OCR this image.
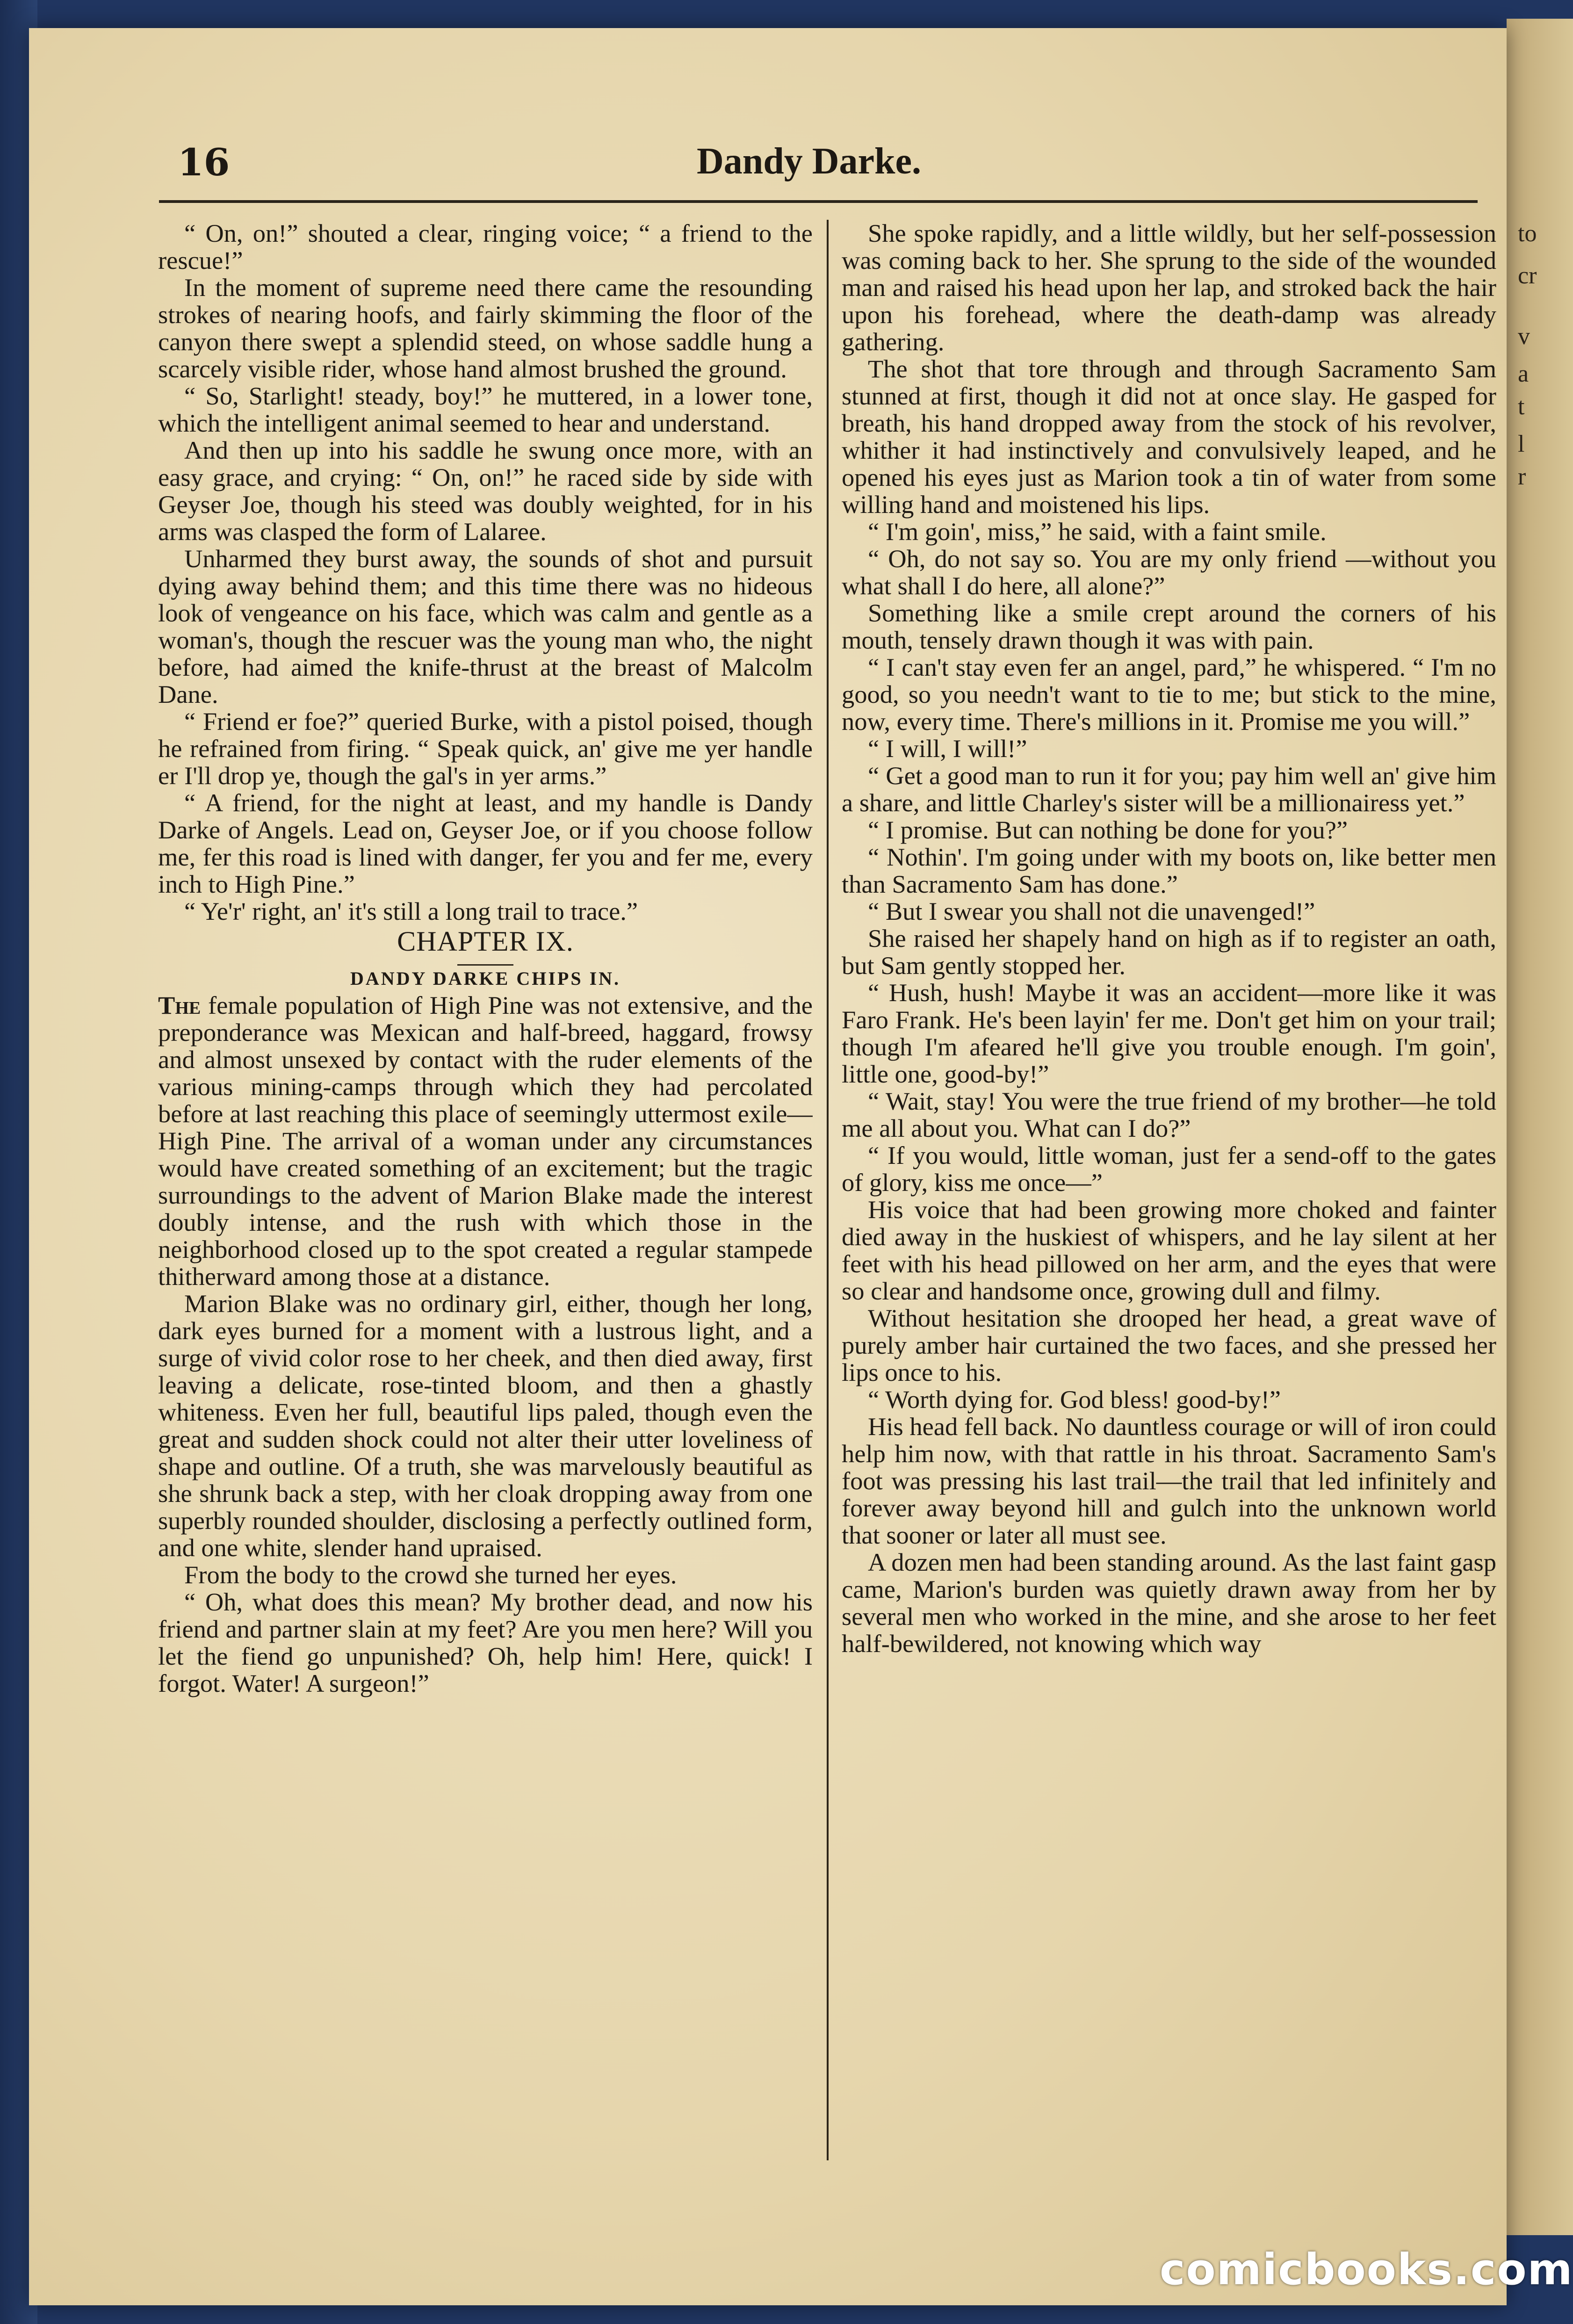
to
cr
v
a
t
l
r
16	Dandy Darke.

“ On, on!” shouted a clear, ringing voice; “ a friend to the rescue!”

In the moment of supreme need there came the resounding strokes of nearing hoofs, and fairly skimming the floor of the canyon there swept a splendid steed, on whose saddle hung a scarcely visible rider, whose hand almost brushed the ground.

“ So, Starlight! steady, boy!” he muttered, in a lower tone, which the intelligent animal seemed to hear and understand.

And then up into his saddle he swung once more, with an easy grace, and crying: “ On, on!” he raced side by side with Geyser Joe, though his steed was doubly weighted, for in his arms was clasped the form of Lalaree.

Unharmed they burst away, the sounds of shot and pursuit dying away behind them; and this time there was no hideous look of vengeance on his face, which was calm and gentle as a woman's, though the rescuer was the young man who, the night before, had aimed the knife-thrust at the breast of Malcolm Dane.

“ Friend er foe?” queried Burke, with a pistol poised, though he refrained from firing. “ Speak quick, an' give me yer handle er I'll drop ye, though the gal's in yer arms.”

“ A friend, for the night at least, and my handle is Dandy Darke of Angels. Lead on, Geyser Joe, or if you choose follow me, fer this road is lined with danger, fer you and fer me, every inch to High Pine.”

“ Ye'r' right, an' it's still a long trail to trace.”

CHAPTER IX.

DANDY DARKE CHIPS IN.

The female population of High Pine was not extensive, and the preponderance was Mexican and half-breed, haggard, frowsy and almost unsexed by contact with the ruder elements of the various mining-camps through which they had percolated before at last reaching this place of seemingly uttermost exile—High Pine. The arrival of a woman under any circumstances would have created something of an excitement; but the tragic surroundings to the advent of Marion Blake made the interest doubly intense, and the rush with which those in the neighborhood closed up to the spot created a regular stampede thitherward among those at a distance.

Marion Blake was no ordinary girl, either, though her long, dark eyes burned for a moment with a lustrous light, and a surge of vivid color rose to her cheek, and then died away, first leaving a delicate, rose-tinted bloom, and then a ghastly whiteness. Even her full, beautiful lips paled, though even the great and sudden shock could not alter their utter loveliness of shape and outline. Of a truth, she was marvelously beautiful as she shrunk back a step, with her cloak dropping away from one superbly rounded shoulder, disclosing a perfectly outlined form, and one white, slender hand upraised.

From the body to the crowd she turned her eyes.

“ Oh, what does this mean? My brother dead, and now his friend and partner slain at my feet? Are you men here? Will you let the fiend go unpunished? Oh, help him! Here, quick! I forgot. Water! A surgeon!”

She spoke rapidly, and a little wildly, but her self-possession was coming back to her. She sprung to the side of the wounded man and raised his head upon her lap, and stroked back the hair upon his forehead, where the death-damp was already gathering.

The shot that tore through and through Sacramento Sam stunned at first, though it did not at once slay. He gasped for breath, his hand dropped away from the stock of his revolver, whither it had instinctively and convulsively leaped, and he opened his eyes just as Marion took a tin of water from some willing hand and moistened his lips.

“ I'm goin', miss,” he said, with a faint smile.

“ Oh, do not say so. You are my only friend —without you what shall I do here, all alone?”

Something like a smile crept around the corners of his mouth, tensely drawn though it was with pain.

“ I can't stay even fer an angel, pard,” he whispered. “ I'm no good, so you needn't want to tie to me; but stick to the mine, now, every time. There's millions in it. Promise me you will.”

“ I will, I will!”

“ Get a good man to run it for you; pay him well an' give him a share, and little Charley's sister will be a millionairess yet.”

“ I promise. But can nothing be done for you?”

“ Nothin'. I'm going under with my boots on, like better men than Sacramento Sam has done.”

“ But I swear you shall not die unavenged!”

She raised her shapely hand on high as if to register an oath, but Sam gently stopped her.

“ Hush, hush! Maybe it was an accident—more like it was Faro Frank. He's been layin' fer me. Don't get him on your trail; though I'm afeared he'll give you trouble enough. I'm goin', little one, good-by!”

“ Wait, stay! You were the true friend of my brother—he told me all about you. What can I do?”

“ If you would, little woman, just fer a send-off to the gates of glory, kiss me once—”

His voice that had been growing more choked and fainter died away in the huskiest of whispers, and he lay silent at her feet with his head pillowed on her arm, and the eyes that were so clear and handsome once, growing dull and filmy.

Without hesitation she drooped her head, a great wave of purely amber hair curtained the two faces, and she pressed her lips once to his.

“ Worth dying for. God bless! good-by!”

His head fell back. No dauntless courage or will of iron could help him now, with that rattle in his throat. Sacramento Sam's foot was pressing his last trail—the trail that led infinitely and forever away beyond hill and gulch into the unknown world that sooner or later all must see.

A dozen men had been standing around. As the last faint gasp came, Marion's burden was quietly drawn away from her by several men who worked in the mine, and she arose to her feet half-bewildered, not knowing which way

comicbooks.com
